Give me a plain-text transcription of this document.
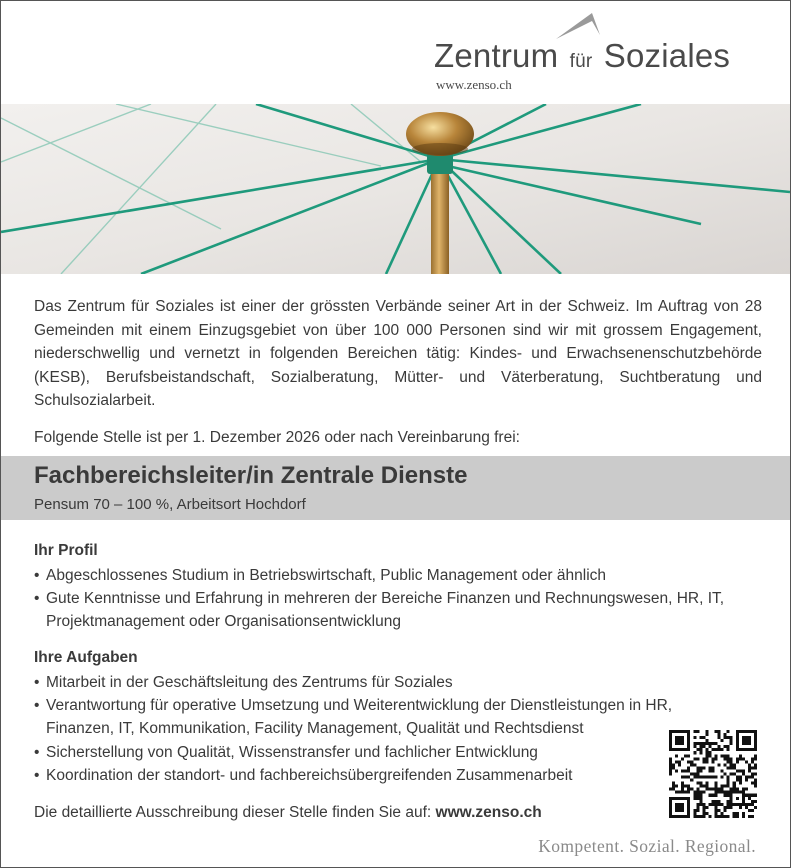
Zentrum für Soziales
www.zenso.ch

Das Zentrum für Soziales ist einer der grössten Verbände seiner Art in der Schweiz. Im Auftrag von 28 Gemeinden mit einem Einzugsgebiet von über 100 000 Personen sind wir mit grossem Engagement, niederschwellig und vernetzt in folgenden Bereichen tätig: Kindes- und Erwachsenenschutzbehörde (KESB), Berufsbeistandschaft, Sozialberatung, Mütter- und Väterberatung, Suchtberatung und Schulsozialarbeit.

Folgende Stelle ist per 1. Dezember 2026 oder nach Vereinbarung frei:

Fachbereichsleiter/in Zentrale Dienste

Pensum 70 – 100 %, Arbeitsort Hochdorf

Ihr Profil
• Abgeschlossenes Studium in Betriebswirtschaft, Public Management oder ähnlich
• Gute Kenntnisse und Erfahrung in mehreren der Bereiche Finanzen und Rechnungswesen, HR, IT, Projektmanagement oder Organisationsentwicklung
Ihre Aufgaben
• Mitarbeit in der Geschäftsleitung des Zentrums für Soziales
• Verantwortung für operative Umsetzung und Weiterentwicklung der Dienstleistungen in HR, Finanzen, IT, Kommunikation, Facility Management, Qualität und Rechtsdienst
• Sicherstellung von Qualität, Wissenstransfer und fachlicher Entwicklung
• Koordination der standort- und fachbereichsübergreifenden Zusammenarbeit

Die detaillierte Ausschreibung dieser Stelle finden Sie auf: www.zenso.ch

Kompetent. Sozial. Regional.
